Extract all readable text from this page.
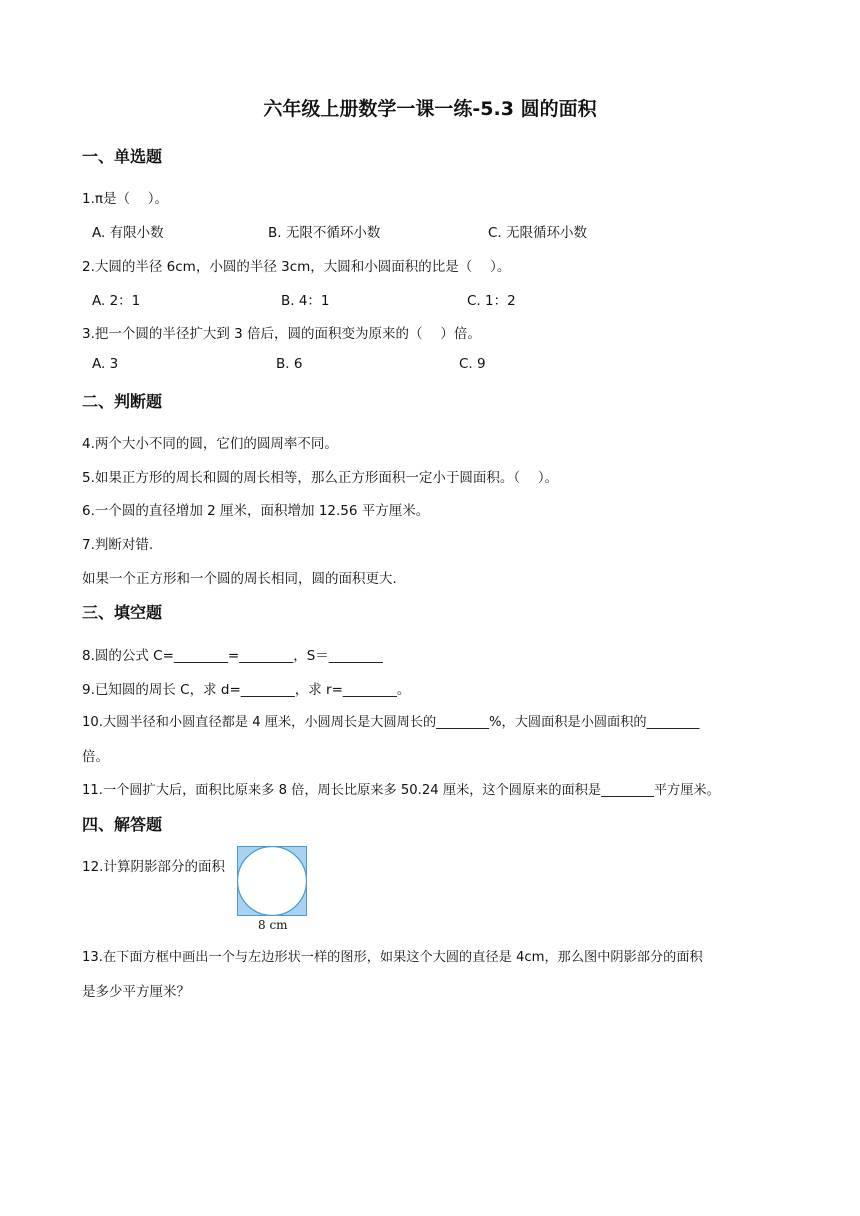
六年级上册数学一课一练-5.3 圆的面积
一、单选题
1.π是（　 ）。
A. 有限小数	B. 无限不循环小数	C. 无限循环小数
2.大圆的半径 6cm，小圆的半径 3cm，大圆和小圆面积的比是（　 ）。
A. 2：1	B. 4：1	C. 1：2
3.把一个圆的半径扩大到 3 倍后，圆的面积变为原来的（　 ）倍。
A. 3	B. 6	C. 9
二、判断题
4.两个大小不同的圆，它们的圆周率不同。
5.如果正方形的周长和圆的周长相等，那么正方形面积一定小于圆面积。（　 ）。
6.一个圆的直径增加 2 厘米，面积增加 12.56 平方厘米。
7.判断对错.
如果一个正方形和一个圆的周长相同，圆的面积更大.
三、填空题
8.圆的公式 C=________=________，S＝________
9.已知圆的周长 C，求 d=________，求 r=________。
10.大圆半径和小圆直径都是 4 厘米，小圆周长是大圆周长的________%，大圆面积是小圆面积的________
倍。
11.一个圆扩大后，面积比原来多 8 倍，周长比原来多 50.24 厘米，这个圆原来的面积是________平方厘米。
四、解答题
12.计算阴影部分的面积
8 cm
13.在下面方框中画出一个与左边形状一样的图形，如果这个大圆的直径是 4cm，那么图中阴影部分的面积
是多少平方厘米？
